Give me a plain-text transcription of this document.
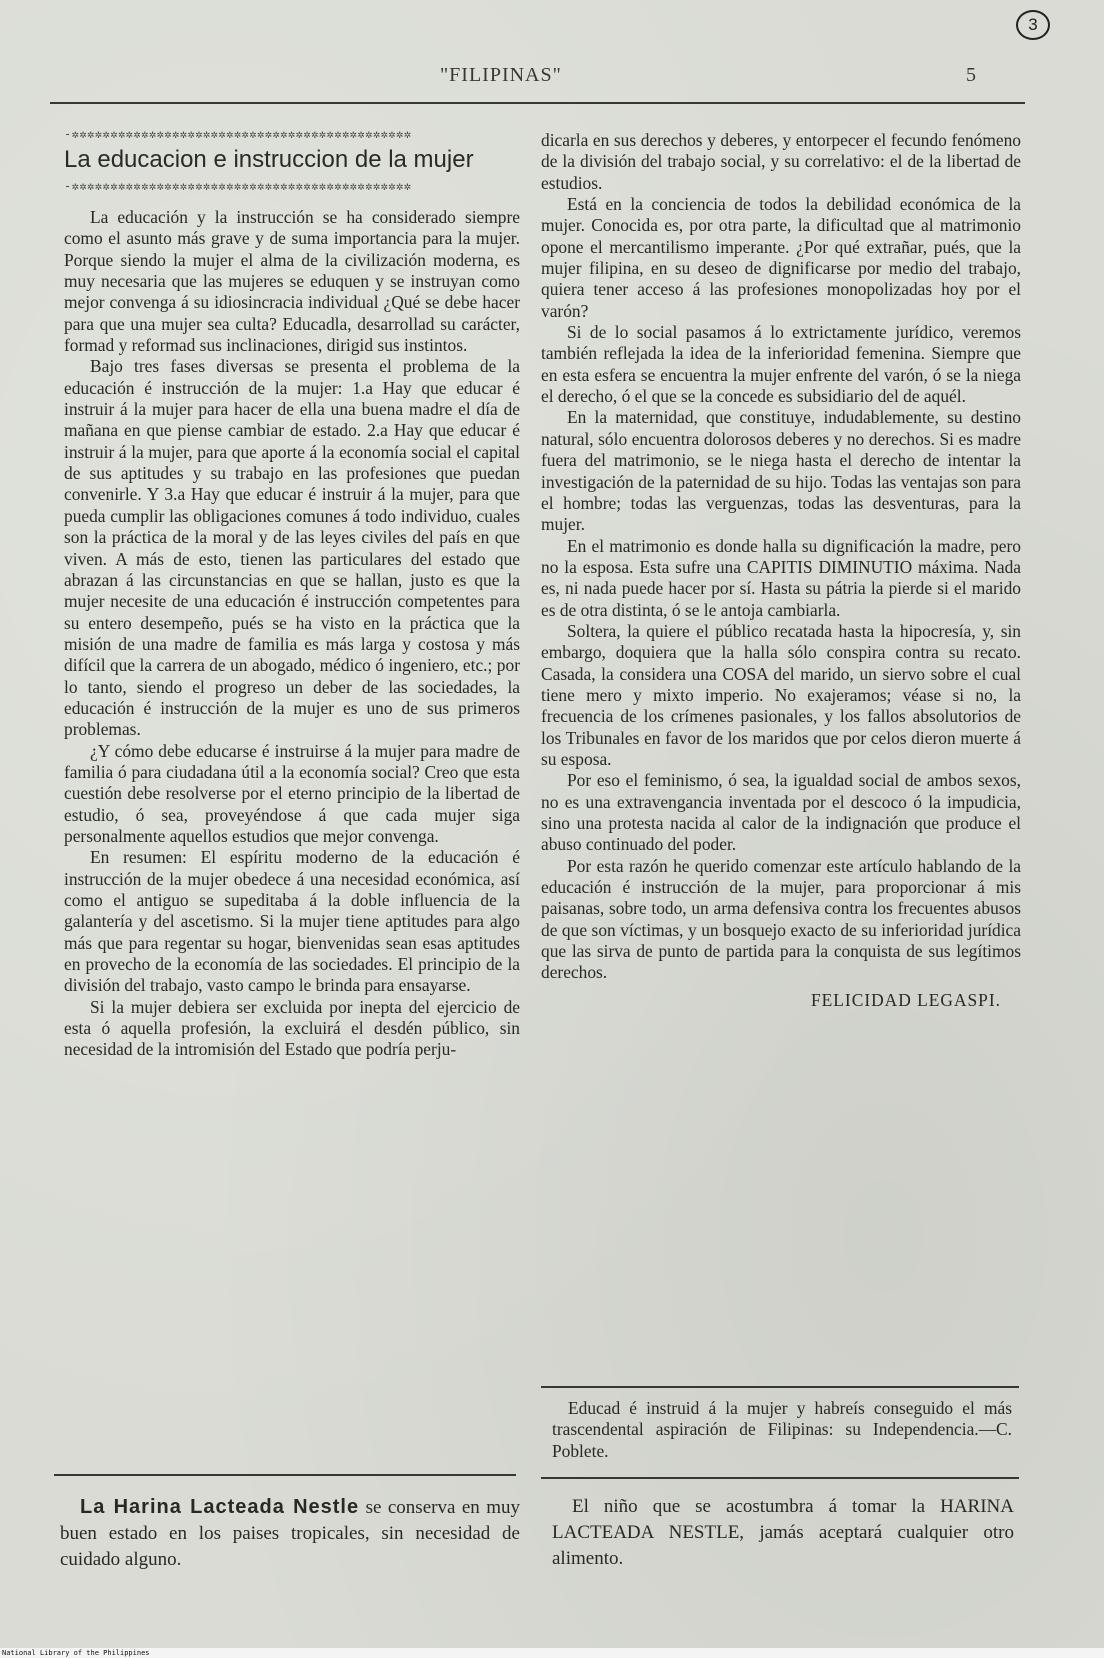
3
"FILIPINAS"	5
-✲✲✲✲✲✲✲✲✲✲✲✲✲✲✲✲✲✲✲✲✲✲✲✲✲✲✲✲✲✲✲✲✲✲✲✲✲✲✲✲✲✲✲✲
La educacion e instruccion de la mujer
-✲✲✲✲✲✲✲✲✲✲✲✲✲✲✲✲✲✲✲✲✲✲✲✲✲✲✲✲✲✲✲✲✲✲✲✲✲✲✲✲✲✲✲✲

La educación y la instrucción se ha considerado siempre como el asunto más grave y de suma importancia para la mujer. Porque siendo la mujer el alma de la civilización moderna, es muy necesaria que las mujeres se eduquen y se instruyan como mejor convenga á su idiosincracia individual ¿Qué se debe hacer para que una mujer sea culta? Educadla, desarrollad su carácter, formad y reformad sus inclinaciones, dirigid sus instintos.

Bajo tres fases diversas se presenta el problema de la educación é instrucción de la mujer: 1.a Hay que educar é instruir á la mujer para hacer de ella una buena madre el día de mañana en que piense cambiar de estado. 2.a Hay que educar é instruir á la mujer, para que aporte á la economía social el capital de sus aptitudes y su trabajo en las profesiones que puedan convenirle. Y 3.a Hay que educar é instruir á la mujer, para que pueda cumplir las obligaciones comunes á todo individuo, cuales son la práctica de la moral y de las leyes civiles del país en que viven. A más de esto, tienen las particulares del estado que abrazan á las circunstancias en que se hallan, justo es que la mujer necesite de una educación é instrucción competentes para su entero desempeño, pués se ha visto en la práctica que la misión de una madre de familia es más larga y costosa y más difícil que la carrera de un abogado, médico ó ingeniero, etc.; por lo tanto, siendo el progreso un deber de las sociedades, la educación é instrucción de la mujer es uno de sus primeros problemas.

¿Y cómo debe educarse é instruirse á la mujer para madre de familia ó para ciudadana útil a la economía social? Creo que esta cuestión debe resolverse por el eterno principio de la libertad de estudio, ó sea, proveyéndose á que cada mujer siga personalmente aquellos estudios que mejor convenga.

En resumen: El espíritu moderno de la educación é instrucción de la mujer obedece á una necesidad económica, así como el antiguo se supeditaba á la doble influencia de la galantería y del ascetismo. Si la mujer tiene aptitudes para algo más que para regentar su hogar, bienvenidas sean esas aptitudes en provecho de la economía de las sociedades. El principio de la división del trabajo, vasto campo le brinda para ensayarse.

Si la mujer debiera ser excluida por inepta del ejercicio de esta ó aquella profesión, la excluirá el desdén público, sin necesidad de la intromisión del Estado que podría perju-

dicarla en sus derechos y deberes, y entorpecer el fecundo fenómeno de la división del trabajo social, y su correlativo: el de la libertad de estudios.

Está en la conciencia de todos la debilidad económica de la mujer. Conocida es, por otra parte, la dificultad que al matrimonio opone el mercantilismo imperante. ¿Por qué extrañar, pués, que la mujer filipina, en su deseo de dignificarse por medio del trabajo, quiera tener acceso á las profesiones monopolizadas hoy por el varón?

Si de lo social pasamos á lo extrictamente jurídico, veremos también reflejada la idea de la inferioridad femenina. Siempre que en esta esfera se encuentra la mujer enfrente del varón, ó se la niega el derecho, ó el que se la concede es subsidiario del de aquél.

En la maternidad, que constituye, indudablemente, su destino natural, sólo encuentra dolorosos deberes y no derechos. Si es madre fuera del matrimonio, se le niega hasta el derecho de intentar la investigación de la paternidad de su hijo. Todas las ventajas son para el hombre; todas las verguenzas, todas las desventuras, para la mujer.

En el matrimonio es donde halla su dignificación la madre, pero no la esposa. Esta sufre una CAPITIS DIMINUTIO máxima. Nada es, ni nada puede hacer por sí. Hasta su pátria la pierde si el marido es de otra distinta, ó se le antoja cambiarla.

Soltera, la quiere el público recatada hasta la hipocresía, y, sin embargo, doquiera que la halla sólo conspira contra su recato. Casada, la considera una COSA del marido, un siervo sobre el cual tiene mero y mixto imperio. No exajeramos; véase si no, la frecuencia de los crímenes pasionales, y los fallos absolutorios de los Tribunales en favor de los maridos que por celos dieron muerte á su esposa.

Por eso el feminismo, ó sea, la igualdad social de ambos sexos, no es una extravengancia inventada por el descoco ó la impudicia, sino una protesta nacida al calor de la indignación que produce el abuso continuado del poder.

Por esta razón he querido comenzar este artículo hablando de la educación é instrucción de la mujer, para proporcionar á mis paisanas, sobre todo, un arma defensiva contra los frecuentes abusos de que son víctimas, y un bosquejo exacto de su inferioridad jurídica que las sirva de punto de partida para la conquista de sus legítimos derechos.

FELICIDAD LEGASPI.

Educad é instruid á la mujer y habreís conseguido el más trascendental aspiración de Filipinas: su Independencia.—C. Poblete.

La Harina Lacteada Nestle se conserva en muy buen estado en los paises tropicales, sin necesidad de cuidado alguno.

El niño que se acostumbra á tomar la HARINA LACTEADA NESTLE, jamás aceptará cualquier otro alimento.

National Library of the Philippines
